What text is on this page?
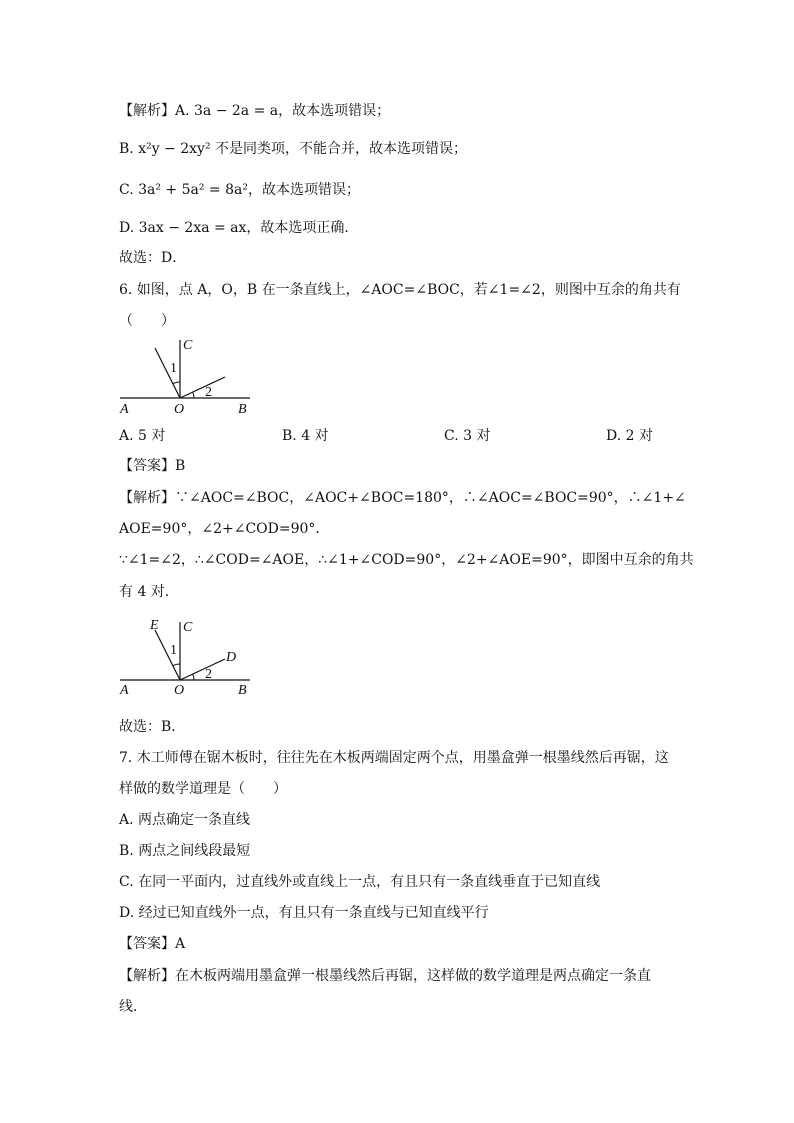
【解析】A. 3a − 2a = a，故本选项错误；
B. x²y − 2xy² 不是同类项，不能合并，故本选项错误；
C. 3a² + 5a² = 8a²，故本选项错误；
D. 3ax − 2xa = ax，故本选项正确．
故选：D．
6. 如图，点 A，O，B 在一条直线上，∠AOC=∠BOC，若∠1=∠2，则图中互余的角共有
（　　）
C
1
2
A	O	B
A. 5 对	B. 4 对	C. 3 对	D. 2 对
【答案】B
【解析】∵∠AOC=∠BOC，∠AOC+∠BOC=180°，∴∠AOC=∠BOC=90°，∴∠1+∠
AOE=90°，∠2+∠COD=90°．
∵∠1=∠2，∴∠COD=∠AOE，∴∠1+∠COD=90°，∠2+∠AOE=90°，即图中互余的角共
有 4 对．
E C
D
1
2
A	O	B
故选：B．
7. 木工师傅在锯木板时，往往先在木板两端固定两个点，用墨盒弹一根墨线然后再锯，这
样做的数学道理是（　　）
A. 两点确定一条直线
B. 两点之间线段最短
C. 在同一平面内，过直线外或直线上一点，有且只有一条直线垂直于已知直线
D. 经过已知直线外一点，有且只有一条直线与已知直线平行
【答案】A
【解析】在木板两端用墨盒弹一根墨线然后再锯，这样做的数学道理是两点确定一条直
线．
